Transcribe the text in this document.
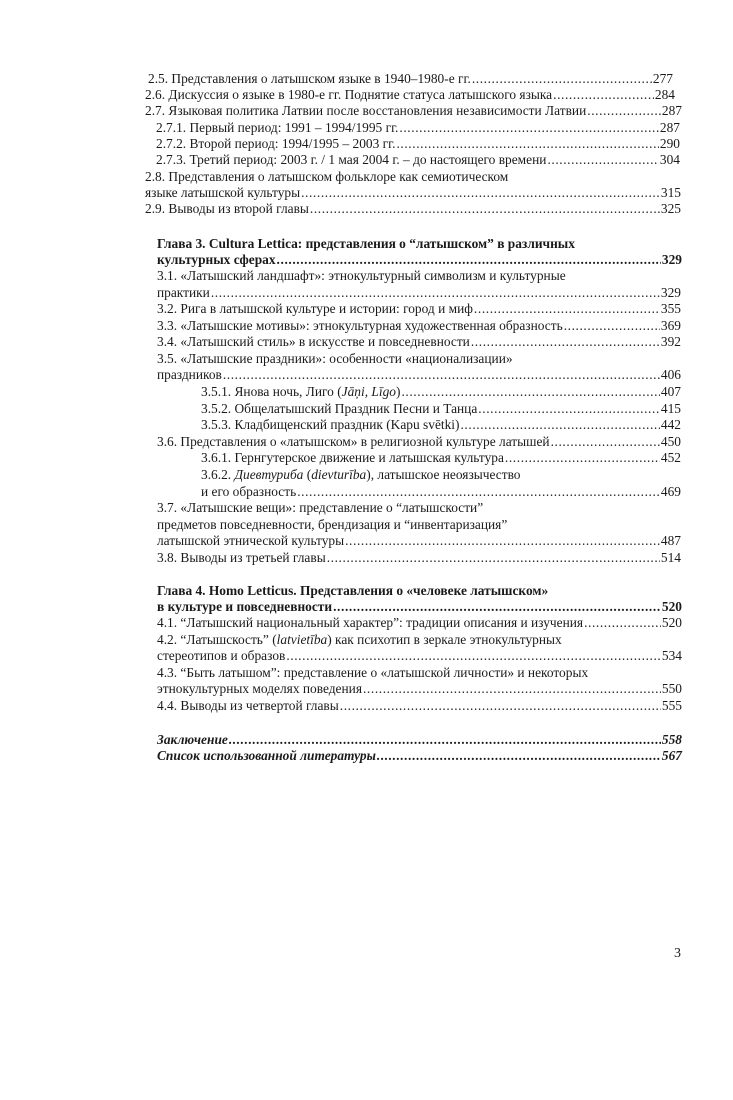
2.5. Представления о латышском языке в 1940–1980-е гг. .....	277
2.6. Дискуссия о языке в 1980-е гг. Поднятие статуса латышского языка .....	284
2.7. Языковая политика Латвии после восстановления независимости Латвии .....	287
2.7.1. Первый период: 1991 – 1994/1995 гг. .....	287
2.7.2. Второй период: 1994/1995 – 2003 гг. .....	290
2.7.3. Третий период: 2003 г. / 1 мая 2004 г. – до настоящего времени .....	304
2.8. Представления о латышском фольклоре как семиотическом
языке латышской культуры .....	315
2.9. Выводы из второй главы .....	325
Глава 3. Cultura Lettica: представления о “латышском” в различных
культурных сферах .....	329
3.1. «Латышский ландшафт»: этнокультурный символизм и культурные
практики .....	329
3.2. Рига в латышской культуре и истории: город и миф .....	355
3.3. «Латышские мотивы»: этнокультурная художественная образность .....	369
3.4. «Латышский стиль» в искусстве и повседневности .....	392
3.5. «Латышские праздники»: особенности «национализации»
праздников .....	406
3.5.1. Янова ночь, Лиго (Jāņi, Līgo) .....	407
3.5.2. Общелатышский Праздник Песни и Танца .....	415
3.5.3. Кладбищенский праздник (Kapu svētki) .....	442
3.6. Представления о «латышском» в религиозной культуре латышей .....	450
3.6.1. Гернгутерское движение и латышская культура .....	452
3.6.2. Диевтуриба (dievturība), латышское неоязычество
и его образность .....	469
3.7. «Латышские вещи»: представление о “латышскости”
предметов повседневности, брендизация и “инвентаризация”
латышской этнической культуры .....	487
3.8. Выводы из третьей главы .....	514
Глава 4. Homo Letticus. Представления о «человеке латышском»
в культуре и повседневности .....	520
4.1. “Латышский национальный характер”: традиции описания и изучения .....	520
4.2. “Латышскость” (latvietība) как психотип в зеркале этнокультурных
стереотипов и образов .....	534
4.3. “Быть латышом”: представление о «латышской личности» и некоторых
этнокультурных моделях поведения .....	550
4.4. Выводы из четвертой главы .....	555
Заключение .....	558
Список использованной литературы .....	567
3
